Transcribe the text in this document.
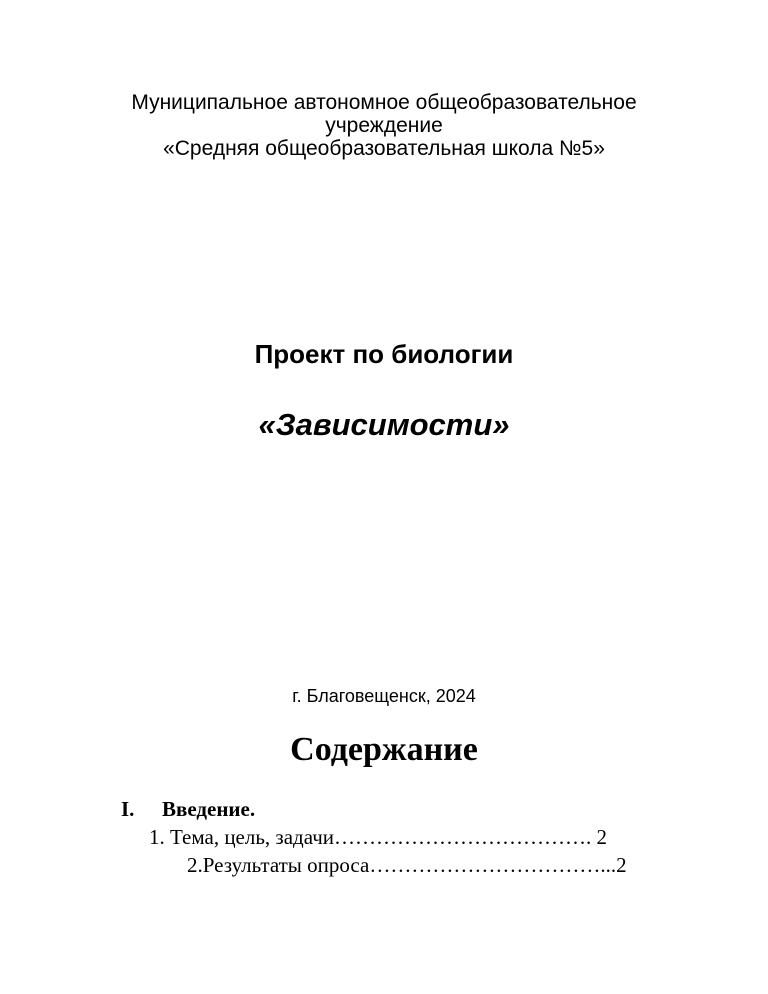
Муниципальное автономное общеобразовательное
учреждение
«Средняя общеобразовательная школа №5»
Проект по биологии
«Зависимости»
г. Благовещенск, 2024
Содержание
I. Введение.
1. Тема, цель, задачи………………………………. 2
2.Результаты опроса……………………………...2
